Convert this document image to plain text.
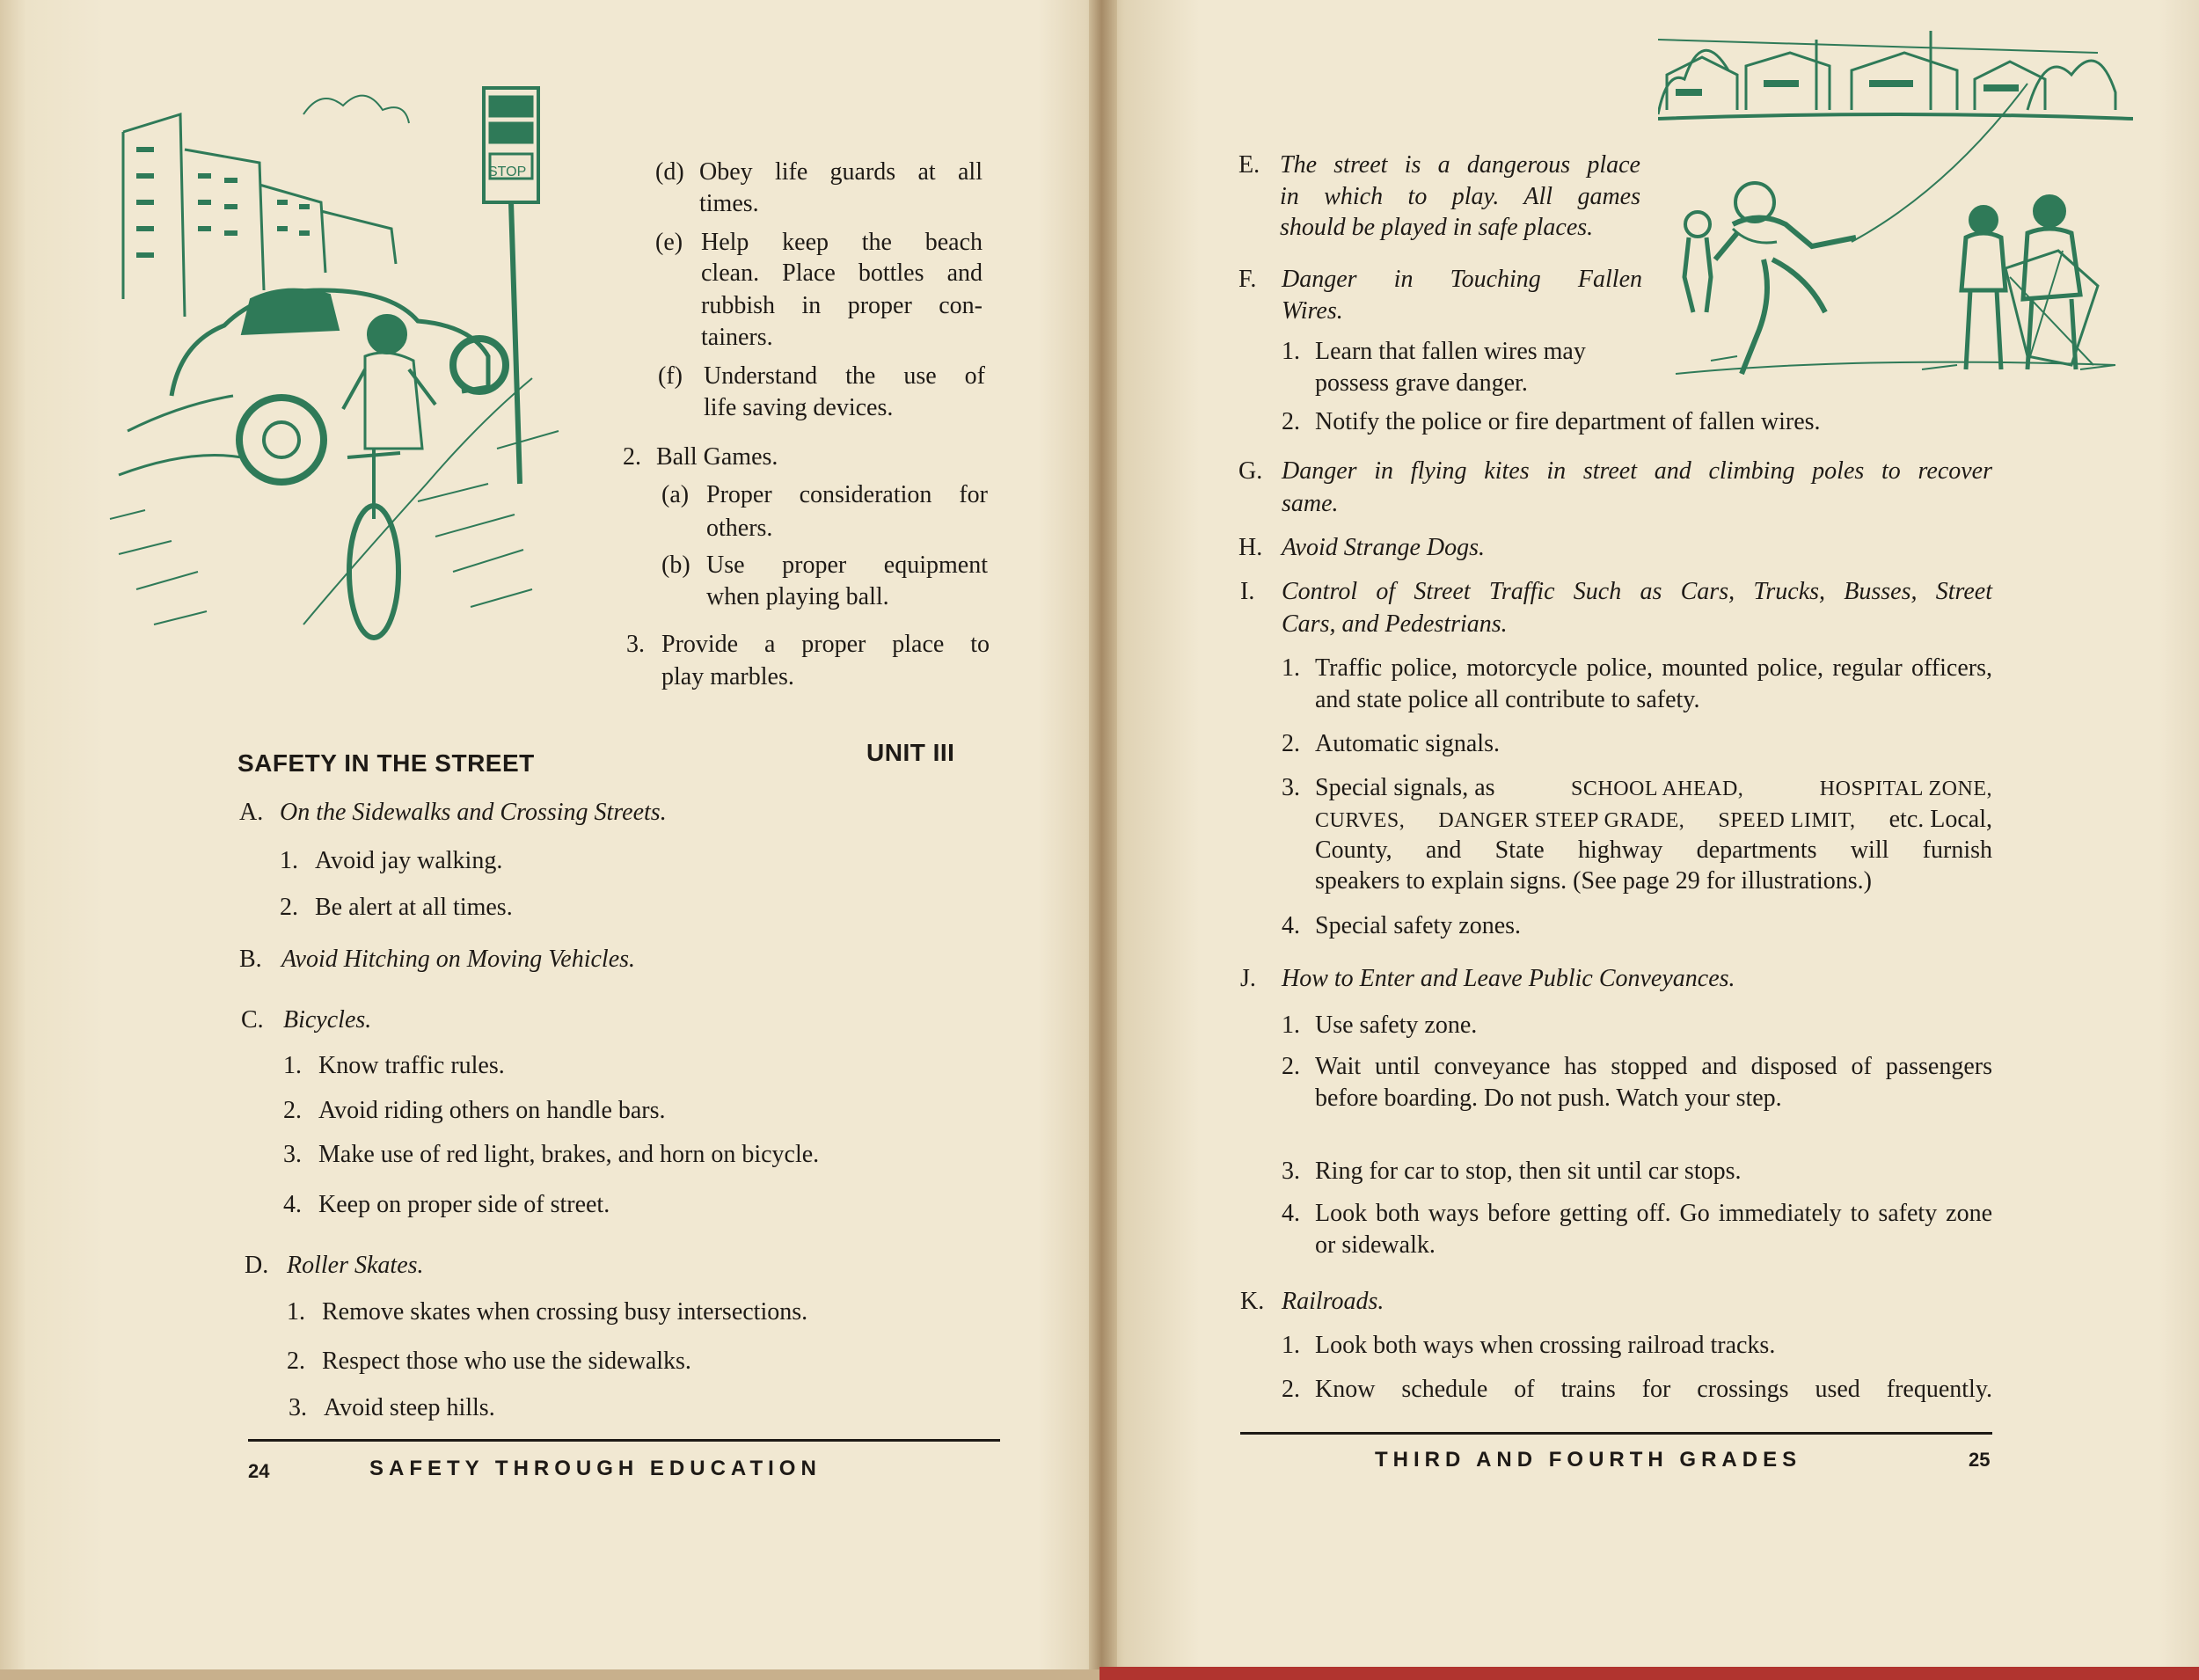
STOP	(d) Obey life guards at all
times.
(e) Help keep the beach
clean. Place bottles and
rubbish in proper con-
tainers.
(f) Understand the use of
life saving devices.
2. Ball Games.
(a) Proper consideration for
others.
(b) Use proper equipment
when playing ball.
3. Provide a proper place to
play marbles.
SAFETY IN THE STREET	UNIT III
A. On the Sidewalks and Crossing Streets.
1. Avoid jay walking.
2. Be alert at all times.
B. Avoid Hitching on Moving Vehicles.
C. Bicycles.
1. Know traffic rules.
2. Avoid riding others on handle bars.
3. Make use of red light, brakes, and horn on bicycle.
4. Keep on proper side of street.
D. Roller Skates.
1. Remove skates when crossing busy intersections.
2. Respect those who use the sidewalks.
3. Avoid steep hills.
24	SAFETY THROUGH EDUCATION
E. The street is a dangerous place
in which to play. All games
should be played in safe places.
F. Danger in Touching Fallen
Wires.
1. Learn that fallen wires may
possess grave danger.
2. Notify the police or fire department of fallen wires.
G. Danger in flying kites in street and climbing poles to recover
same.
H. Avoid Strange Dogs.
I. Control of Street Traffic Such as Cars, Trucks, Busses, Street
Cars, and Pedestrians.
1. Traffic police, motorcycle police, mounted police, regular officers, and state police all contribute to safety.
2. Automatic signals.
3. Special signals, as	SCHOOL AHEAD,	HOSPITAL ZONE,
CURVES, DANGER STEEP GRADE, SPEED LIMIT, etc. Local,
County, and State highway departments will furnish
speakers to explain signs. (See page 29 for illustrations.)
4. Special safety zones.
J. How to Enter and Leave Public Conveyances.
1. Use safety zone.
2. Wait until conveyance has stopped and disposed of passengers before boarding. Do not push. Watch your step.
3. Ring for car to stop, then sit until car stops.
4. Look both ways before getting off. Go immediately to safety zone or sidewalk.
K. Railroads.
1. Look both ways when crossing railroad tracks.
2. Know schedule of trains for crossings used frequently.
THIRD AND FOURTH GRADES	25
